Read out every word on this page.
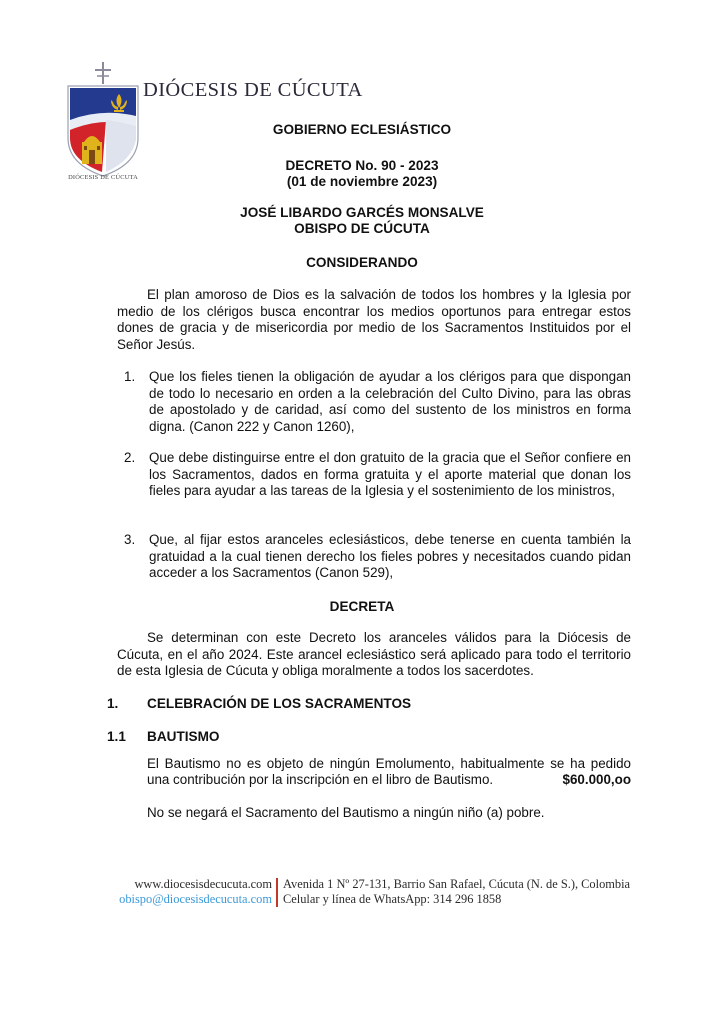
DIÓCESIS DE CÚCUTA
DIÓCESIS DE CÚCUTA
GOBIERNO ECLESIÁSTICO
DECRETO No. 90 - 2023
(01 de noviembre 2023)
JOSÉ LIBARDO GARCÉS MONSALVE
OBISPO DE CÚCUTA
CONSIDERANDO
El plan amoroso de Dios es la salvación de todos los hombres y la Iglesia por medio de los clérigos busca encontrar los medios oportunos para entregar estos dones de gracia y de misericordia por medio de los Sacramentos Instituidos por el Señor Jesús.
1. Que los fieles tienen la obligación de ayudar a los clérigos para que dispongan de todo lo necesario en orden a la celebración del Culto Divino, para las obras de apostolado y de caridad, así como del sustento de los ministros en forma digna. (Canon 222 y Canon 1260),

2. Que debe distinguirse entre el don gratuito de la gracia que el Señor confiere en los Sacramentos, dados en forma gratuita y el aporte material que donan los fieles para ayudar a las tareas de la Iglesia y el sostenimiento de los ministros,

3. Que, al fijar estos aranceles eclesiásticos, debe tenerse en cuenta también la gratuidad a la cual tienen derecho los fieles pobres y necesitados cuando pidan acceder a los Sacramentos (Canon 529),

DECRETA
Se determinan con este Decreto los aranceles válidos para la Diócesis de Cúcuta, en el año 2024. Este arancel eclesiástico será aplicado para todo el territorio de esta Iglesia de Cúcuta y obliga moralmente a todos los sacerdotes.
1. CELEBRACIÓN DE LOS SACRAMENTOS
1.1 BAUTISMO
El Bautismo no es objeto de ningún Emolumento, habitualmente se ha pedido
una contribución por la inscripción en el libro de Bautismo.	$60.000,oo
No se negará el Sacramento del Bautismo a ningún niño (a) pobre.
www.diocesisdecucuta.com
obispo@diocesisdecucuta.com
Avenida 1 Nº 27-131, Barrio San Rafael, Cúcuta (N. de S.), Colombia
Celular y línea de WhatsApp: 314 296 1858
